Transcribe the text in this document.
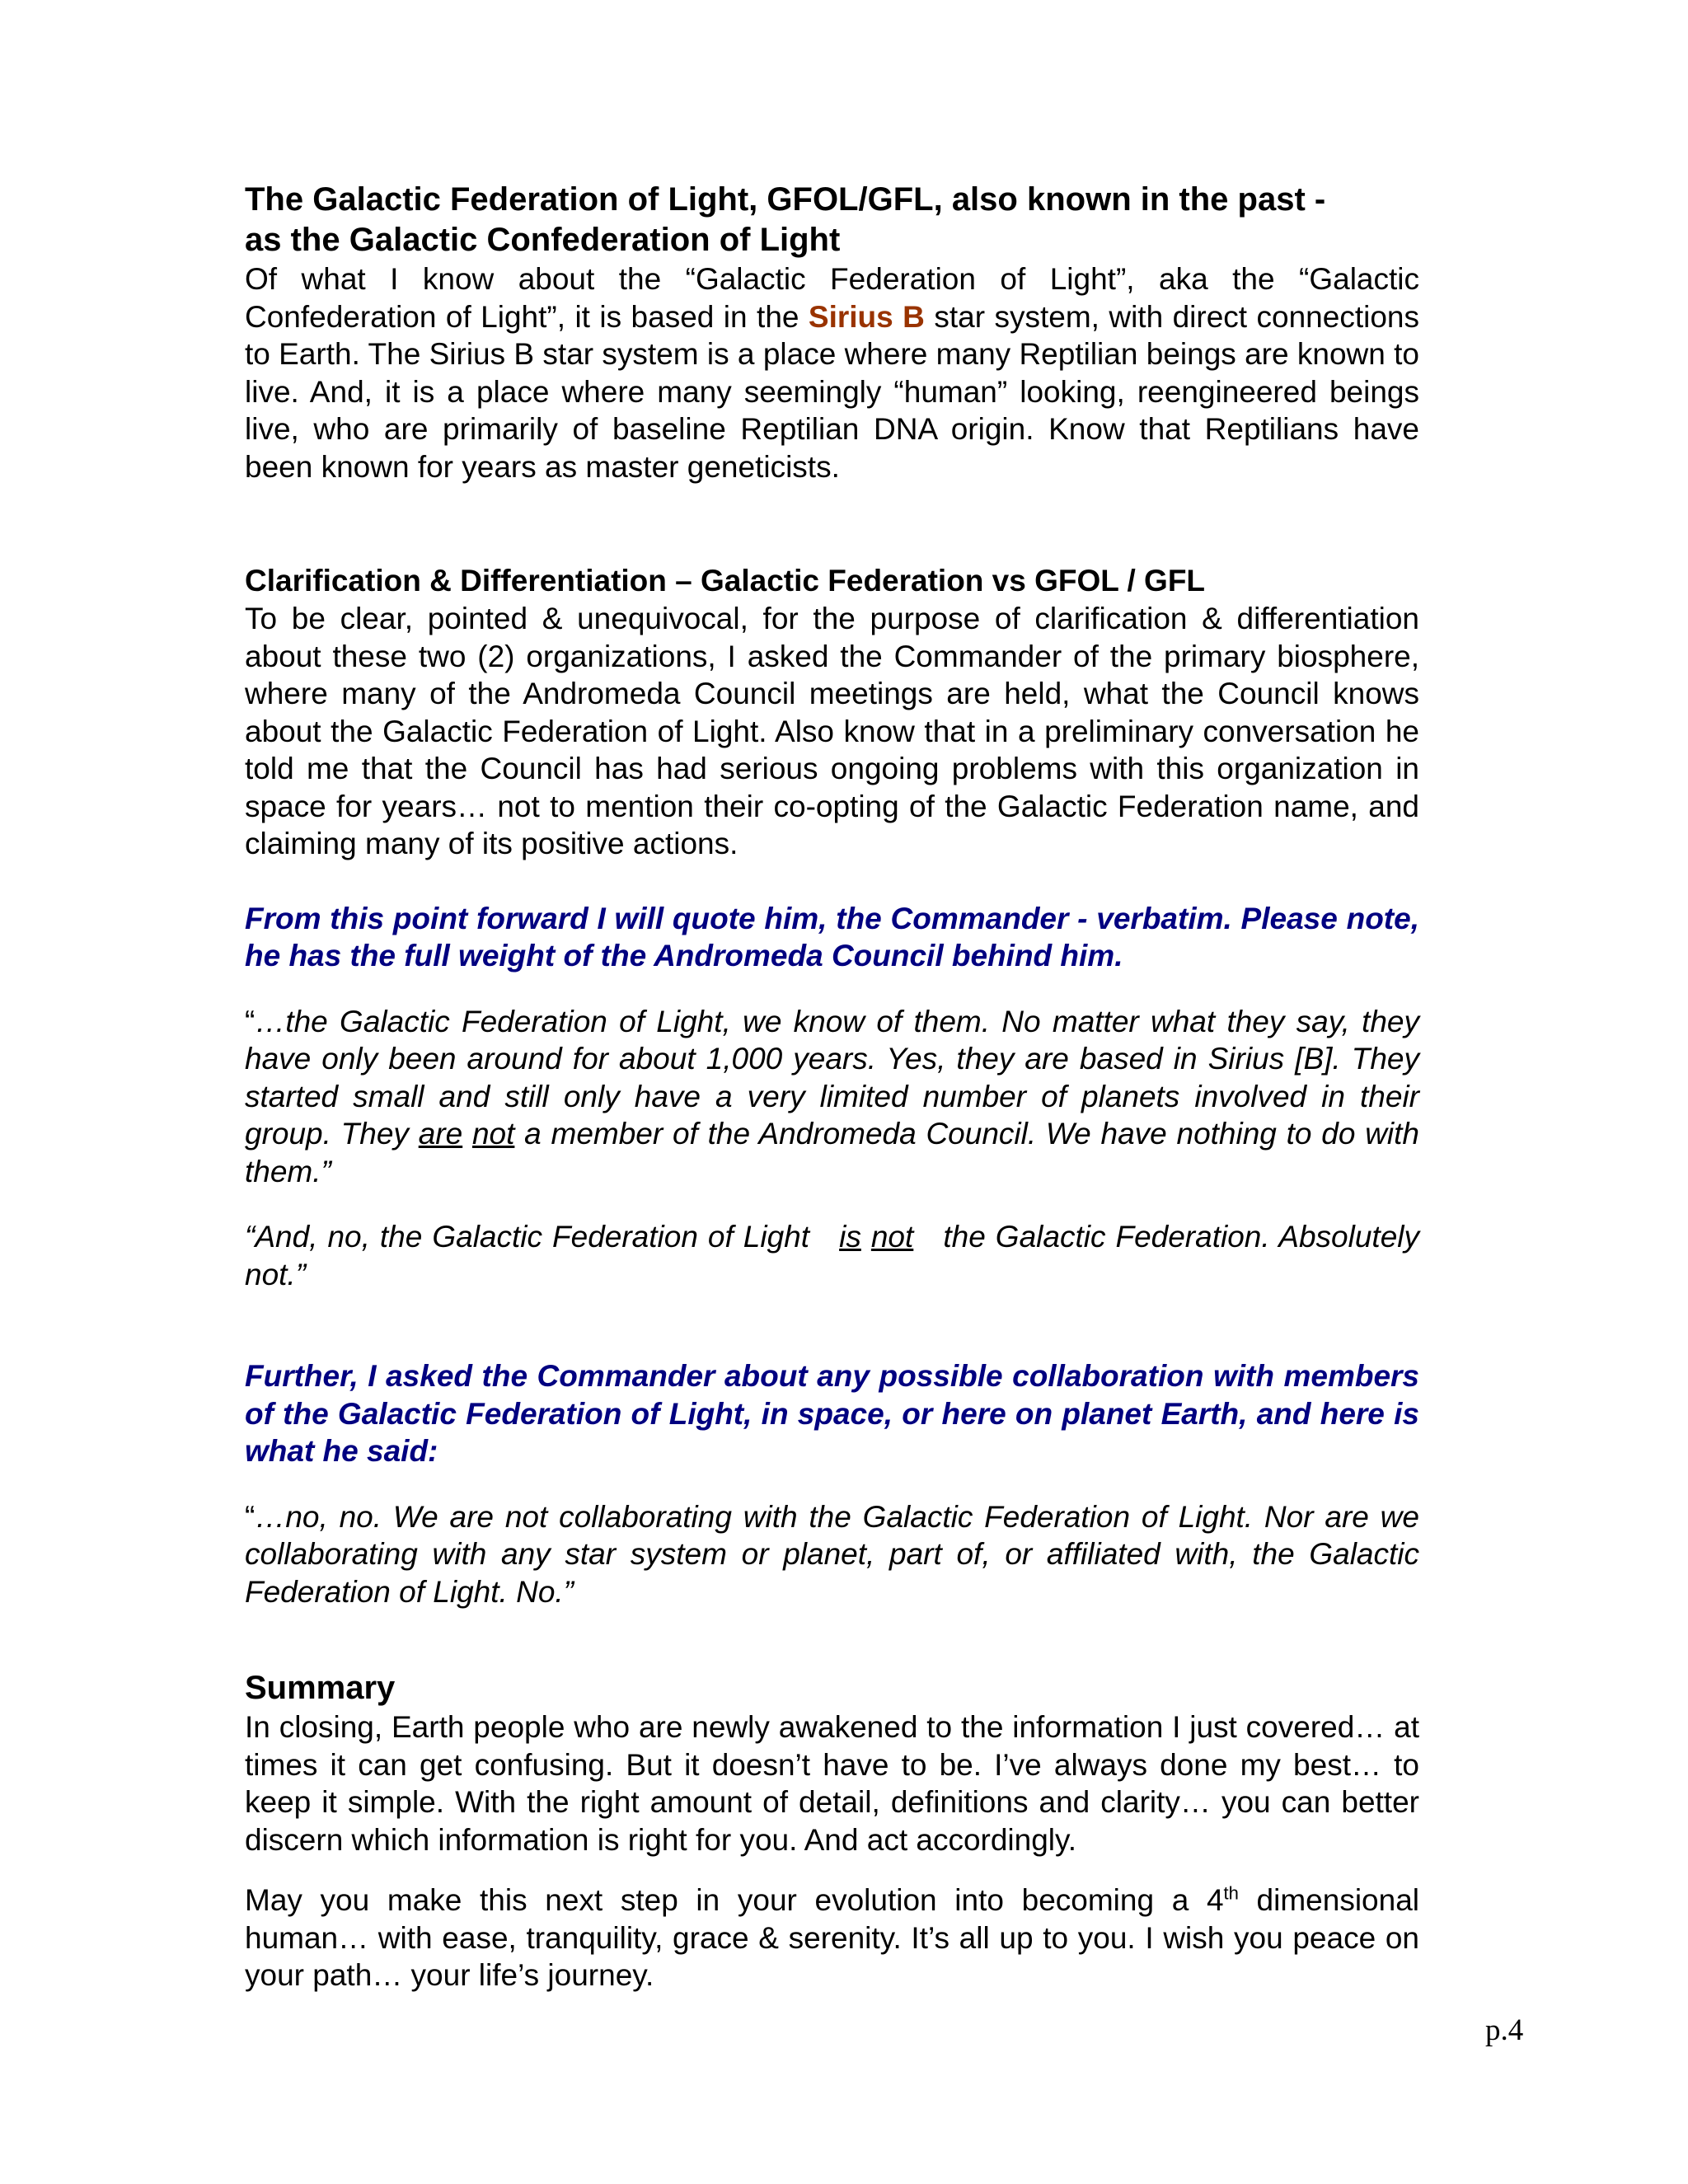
The Galactic Federation of Light, GFOL/GFL, also known in the past -
as the Galactic Confederation of Light

Of what I know about the “Galactic Federation of Light”, aka the “Galactic Confederation of Light”, it is based in the Sirius B star system, with direct connections to Earth. The Sirius B star system is a place where many Reptilian beings are known to live. And, it is a place where many seemingly “human” looking, reengineered beings live, who are primarily of baseline Reptilian DNA origin. Know that Reptilians have been known for years as master geneticists.

Clarification & Differentiation – Galactic Federation vs GFOL / GFL

To be clear, pointed & unequivocal, for the purpose of clarification & differentiation about these two (2) organizations, I asked the Commander of the primary biosphere, where many of the Andromeda Council meetings are held, what the Council knows about the Galactic Federation of Light. Also know that in a preliminary conversation he told me that the Council has had serious ongoing problems with this organization in space for years… not to mention their co-opting of the Galactic Federation name, and claiming many of its positive actions.

From this point forward I will quote him, the Commander - verbatim. Please note, he has the full weight of the Andromeda Council behind him.

“…the Galactic Federation of Light, we know of them. No matter what they say, they have only been around for about 1,000 years. Yes, they are based in Sirius [B]. They started small and still only have a very limited number of planets involved in their group. They are not a member of the Andromeda Council. We have nothing to do with them.”

“And, no, the Galactic Federation of Light   is not   the Galactic Federation. Absolutely not.”

Further, I asked the Commander about any possible collaboration with members of the Galactic Federation of Light, in space, or here on planet Earth, and here is what he said:

“…no, no. We are not collaborating with the Galactic Federation of Light. Nor are we collaborating with any star system or planet, part of, or affiliated with, the Galactic Federation of Light. No.”

Summary

In closing, Earth people who are newly awakened to the information I just covered… at times it can get confusing. But it doesn’t have to be. I’ve always done my best… to keep it simple. With the right amount of detail, definitions and clarity… you can better discern which information is right for you. And act accordingly.

May you make this next step in your evolution into becoming a 4th dimensional human… with ease, tranquility, grace & serenity. It’s all up to you. I wish you peace on your path… your life’s journey.

p.4
